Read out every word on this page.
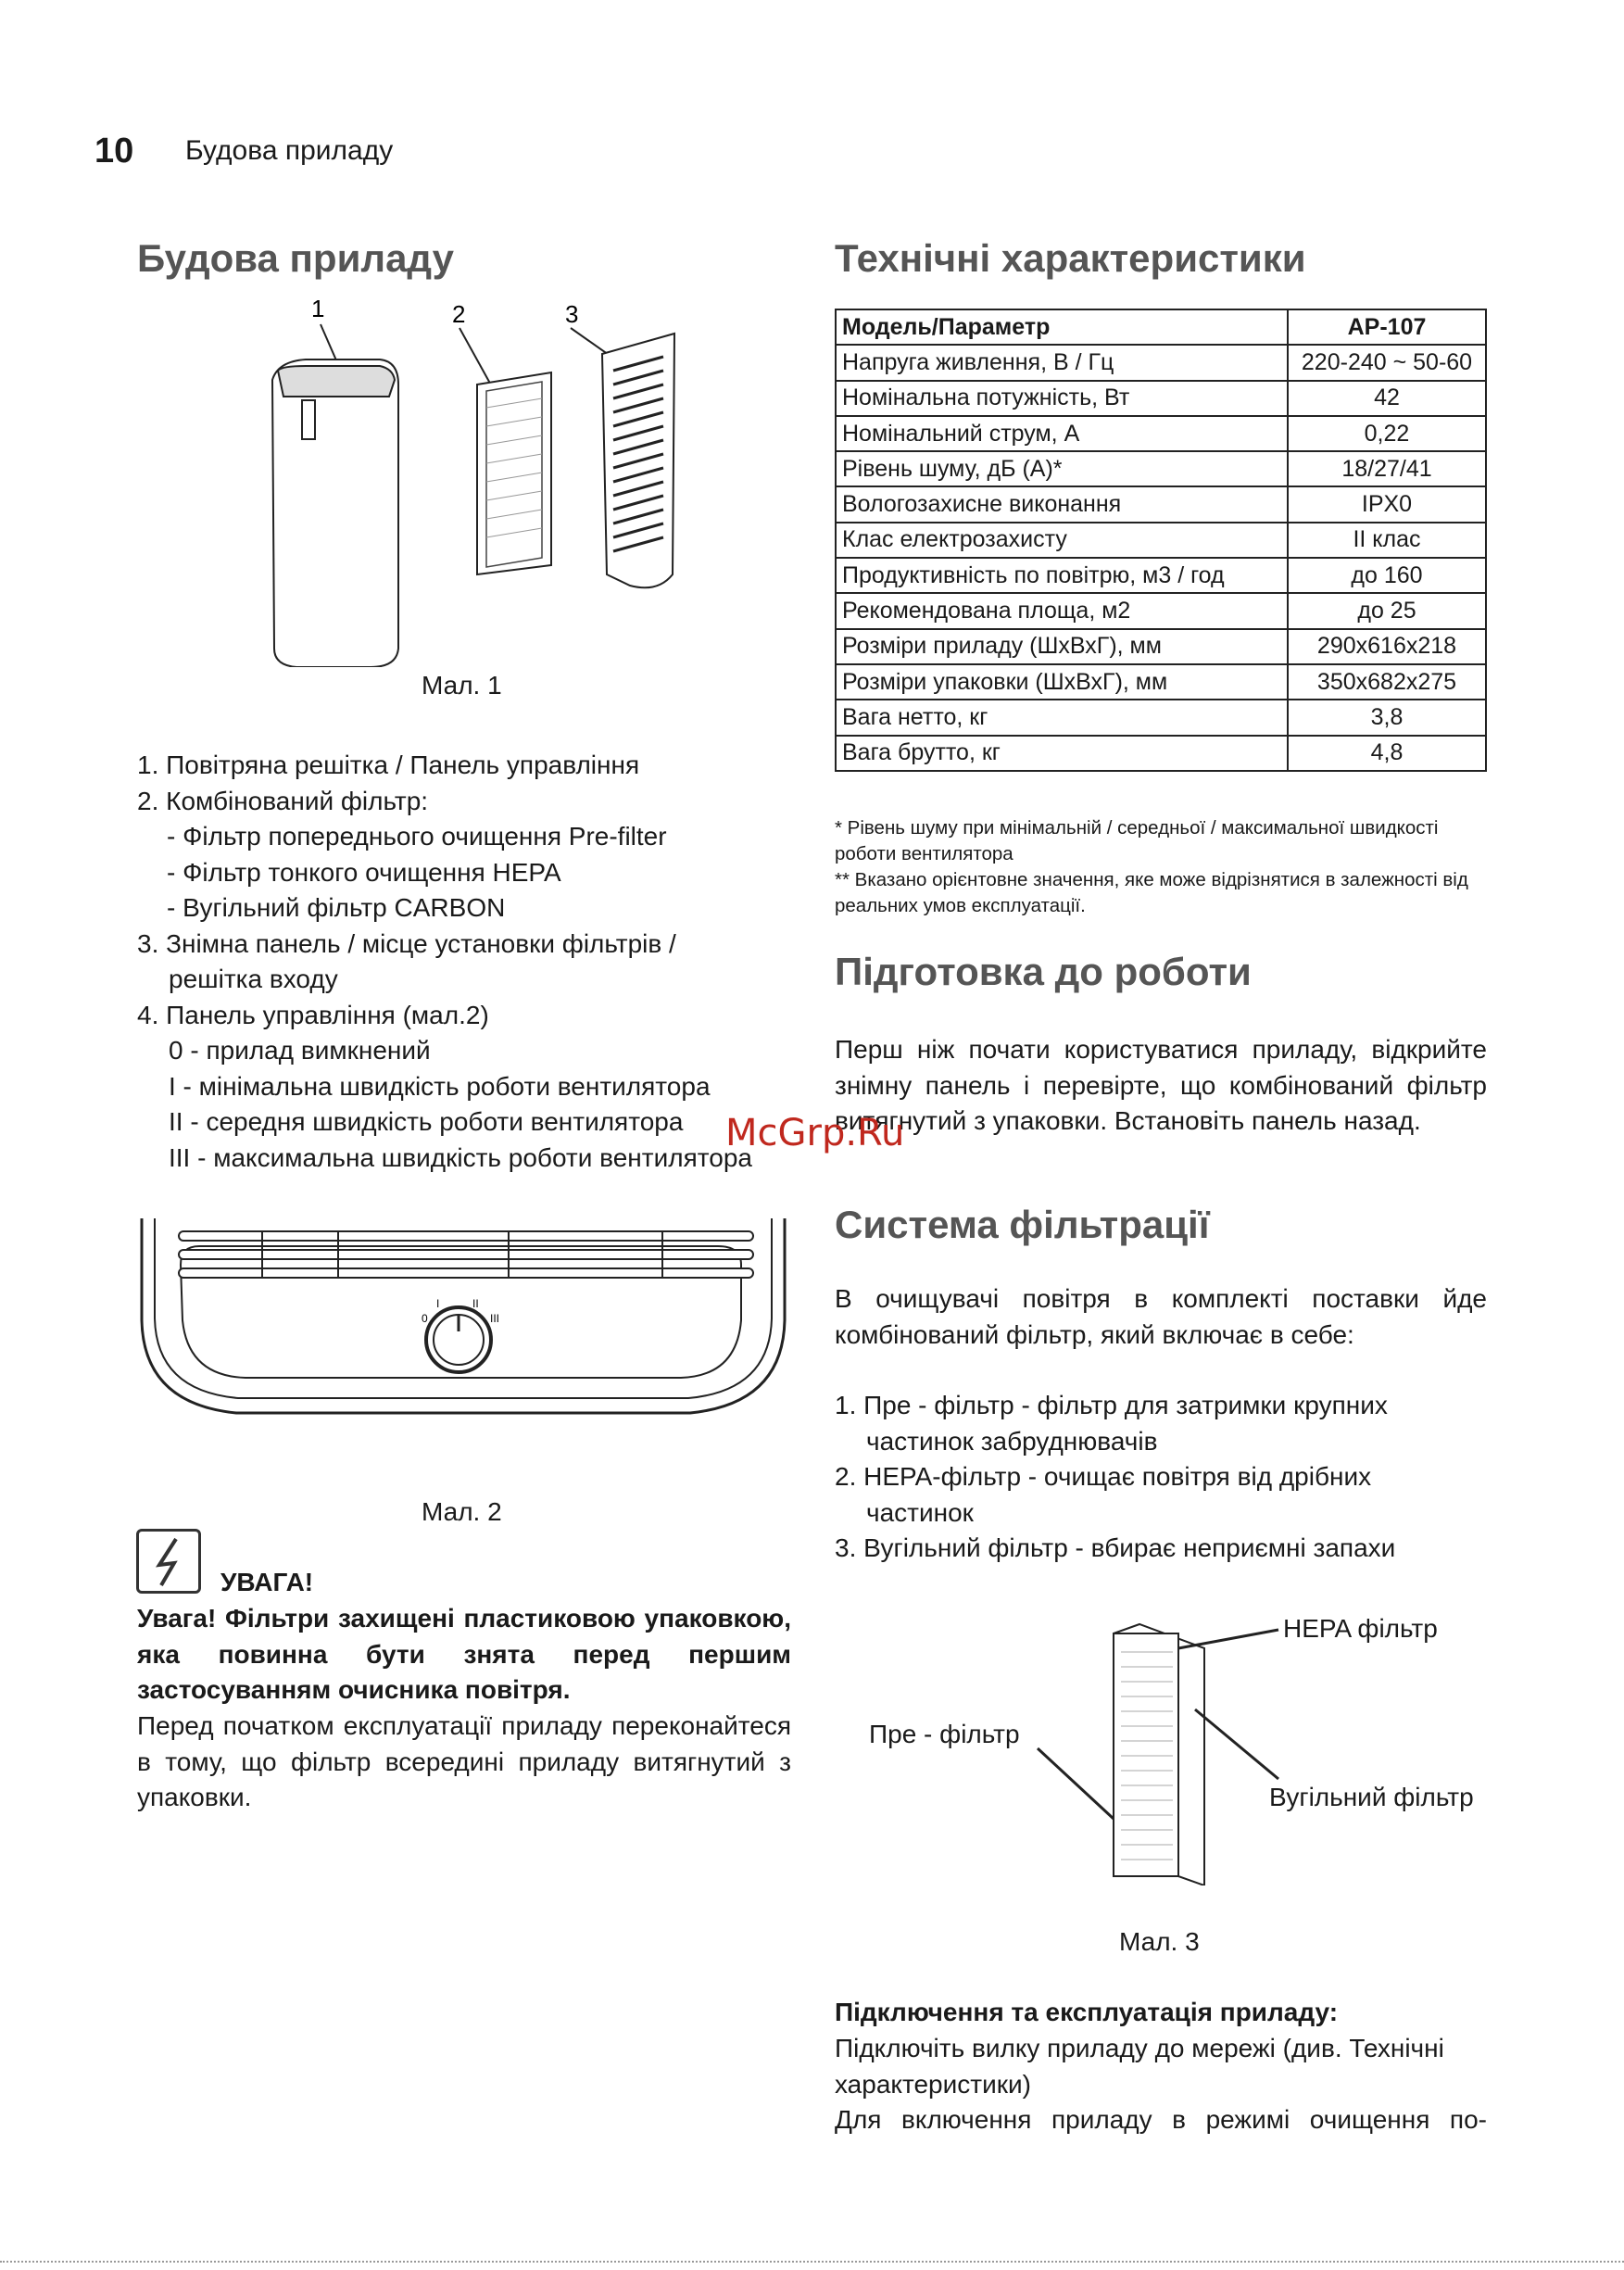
10 Будова приладу
Будова приладу
1	2	3
Мал. 1
1. Повітряна решітка / Панель управління
2. Комбінований фільтр:
- Фільтр попереднього очищення Pre-filter
- Фільтр тонкого очищення HEPA
- Вугільний фільтр CARBON
3. Знімна панель / місце установки фільтрів /
решітка входу
4. Панель управління (мал.2)
0 - прилад вимкнений
I - мінімальна швидкість роботи вентилятора
II - середня швидкість роботи вентилятора
III - максимальна швидкість роботи вентилятора
0
I	II
III
Мал. 2
УВАГА!
Увага! Фільтри захищені пластиковою упаковкою, яка повинна бути знята перед першим застосуванням очисника повітря.
Перед початком експлуатації приладу переконайтеся в тому, що фільтр всередині приладу витягнутий з упаковки.
Технічні характеристики
Модель/Параметр	AP-107
Напруга живлення, В / Гц	220-240 ~ 50-60
Номінальна потужність, Вт	42
Номінальний струм, А	0,22
Рівень шуму, дБ (А)*	18/27/41
Вологозахисне виконання	IPX0
Клас електрозахисту	II клас
Продуктивність по повітрю, м3 / год	до 160
Рекомендована площа, м2	до 25
Розміри приладу (ШхВхГ), мм	290x616x218
Розміри упаковки (ШхВхГ), мм	350x682x275
Вага нетто, кг	3,8
Вага брутто, кг	4,8
* Рівень шуму при мінімальній / середньої / максимальної швидкості роботи вентилятора
** Вказано орієнтовне значення, яке може відрізнятися в залежності від реальних умов експлуатації.
Підготовка до роботи
Перш ніж почати користуватися приладу, відкрийте знімну панель і перевірте, що комбінований фільтр витягнутий з упаковки. Встановіть панель назад.
Система фільтрації
В очищувачі повітря в комплекті поставки йде комбінований фільтр, який включає в себе:
1. Пре - фільтр - фільтр для затримки крупних
частинок забруднювачів
2. HEPA-фільтр - очищає повітря від дрібних
частинок
3. Вугільний фільтр - вбирає неприємні запахи
HEPA фільтр
Пре - фільтр
Вугільний фільтр
Мал. 3
Підключення та експлуатація приладу:
Підключіть вилку приладу до мережі (див. Технічні характеристики)
Для включення приладу в режимі очищення по-
McGrp.Ru
